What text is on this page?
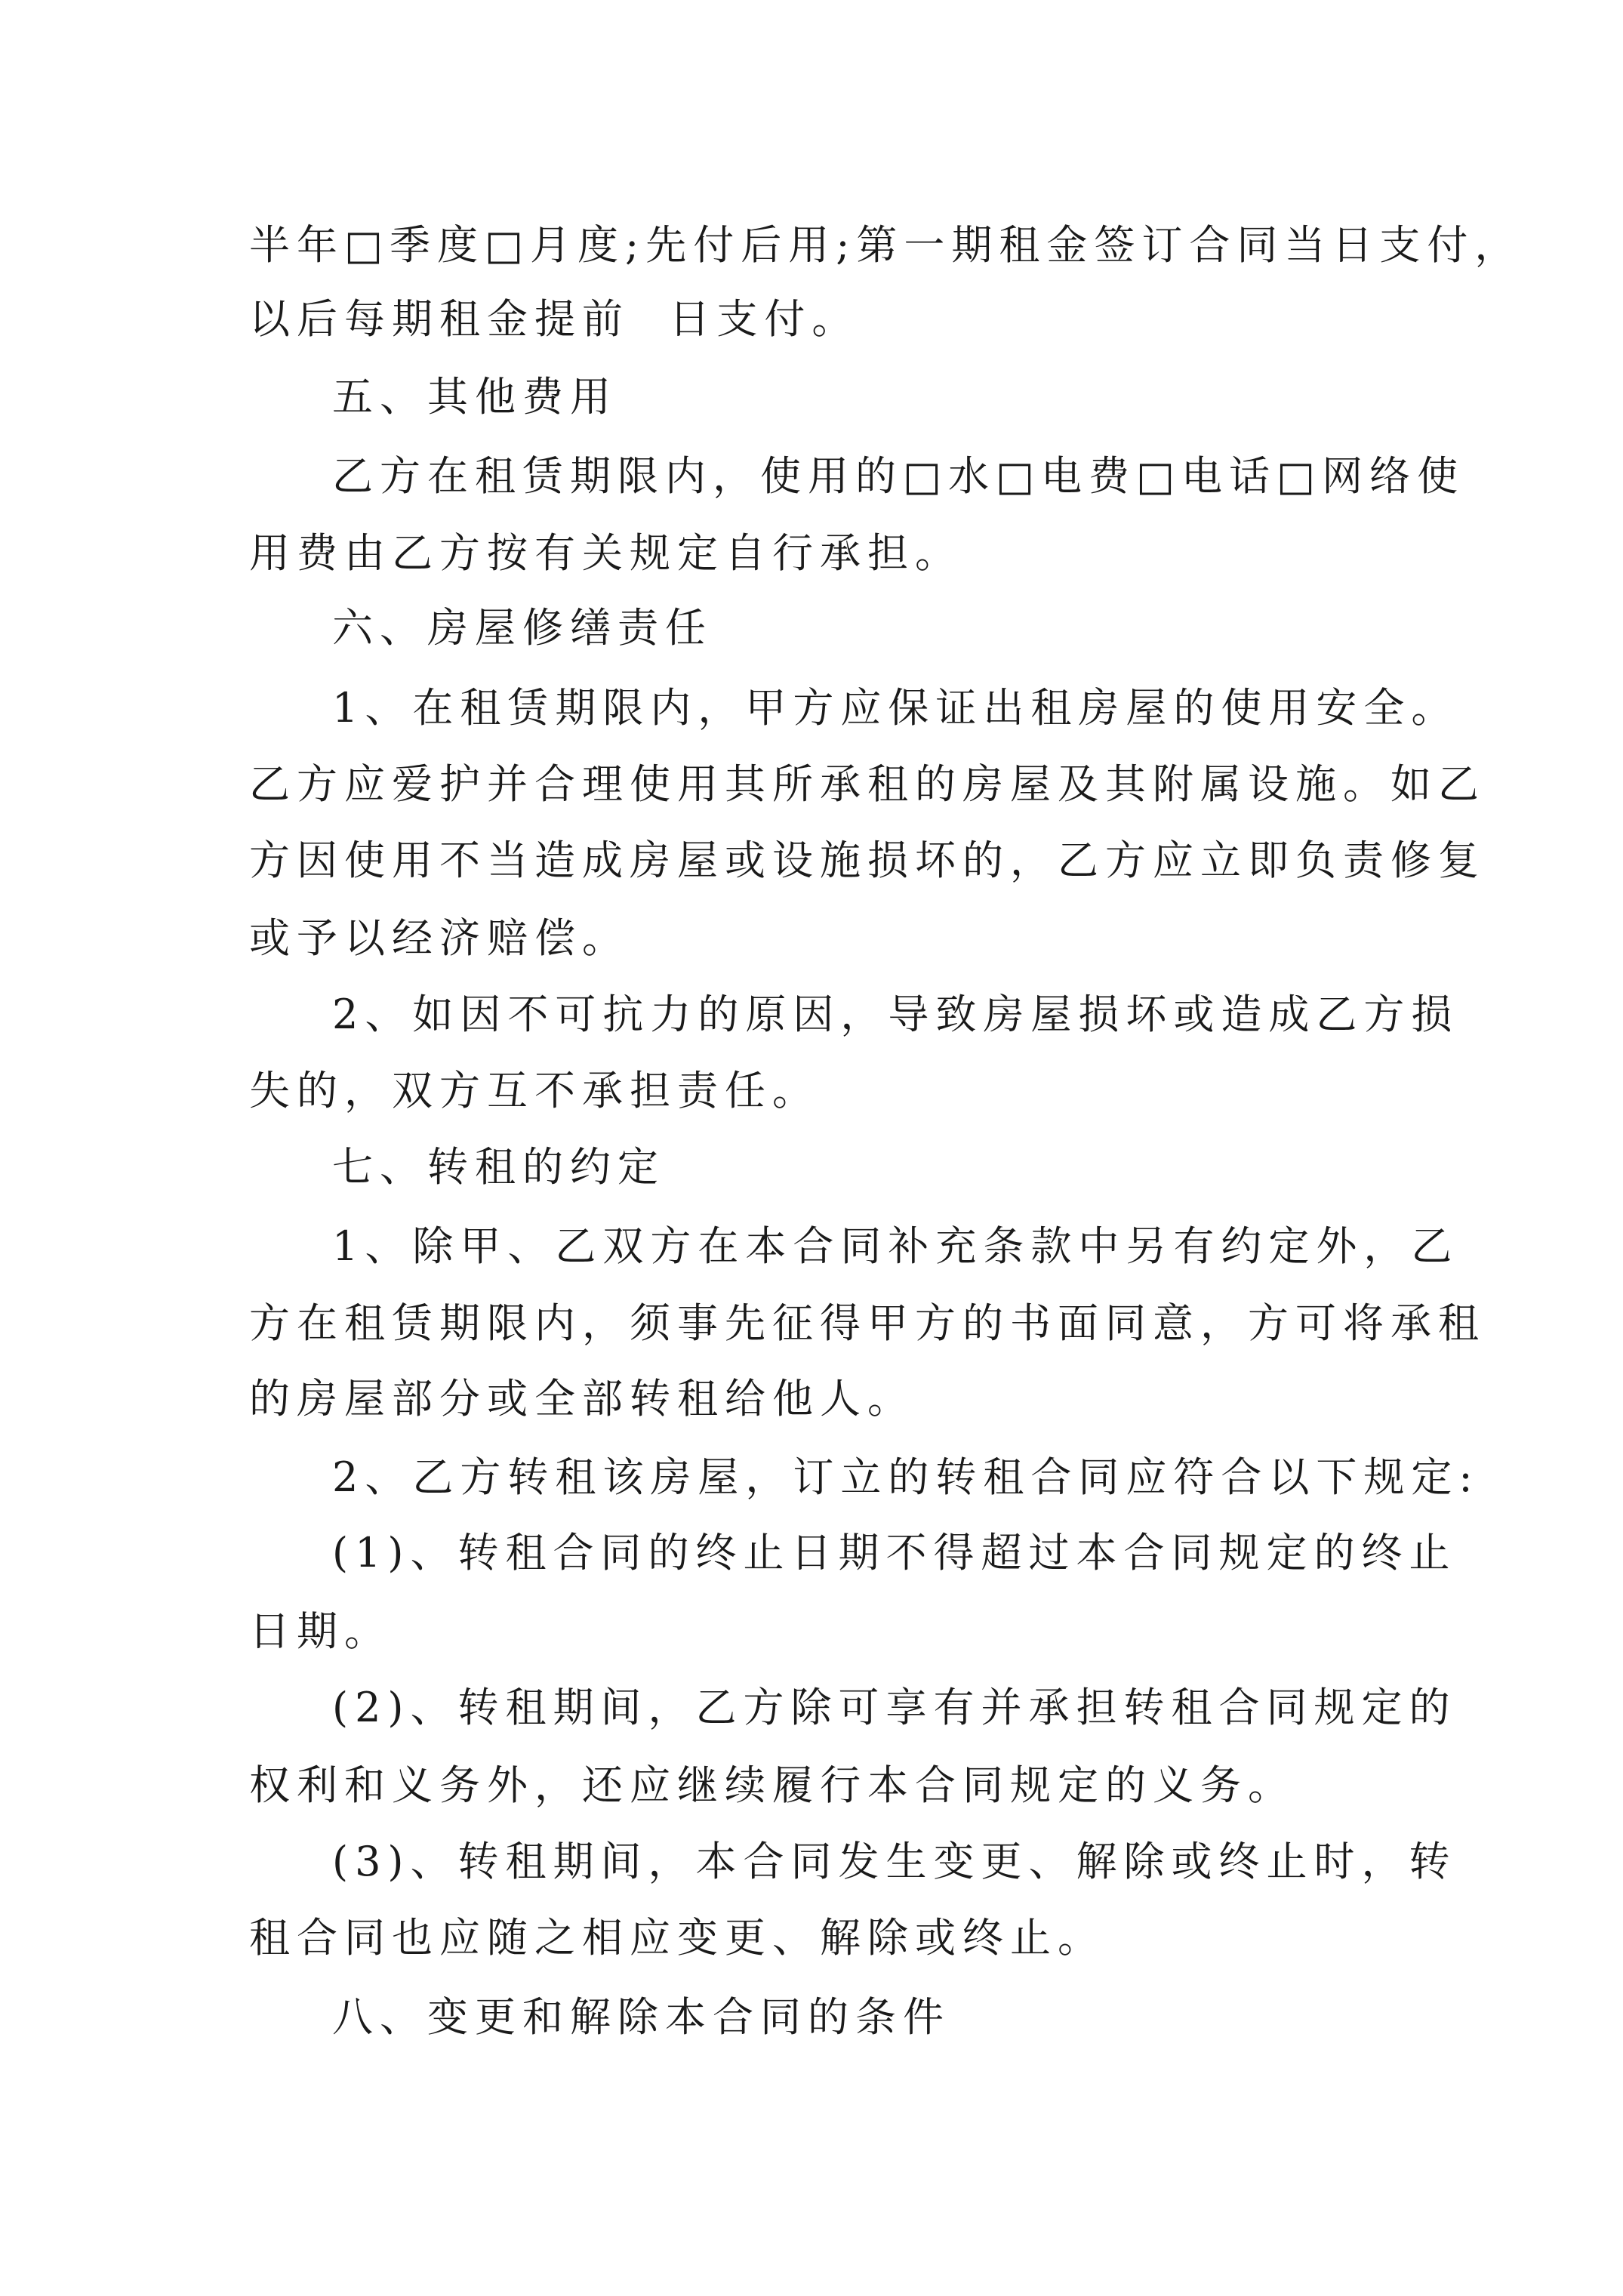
半年□季度□月度;先付后用;第一期租金签订合同当日支付，
以后每期租金提前  日支付。
五、其他费用
乙方在租赁期限内，使用的□水□电费□电话□网络使
用费由乙方按有关规定自行承担。
六、房屋修缮责任
1、在租赁期限内，甲方应保证出租房屋的使用安全。
乙方应爱护并合理使用其所承租的房屋及其附属设施。如乙
方因使用不当造成房屋或设施损坏的，乙方应立即负责修复
或予以经济赔偿。
2、如因不可抗力的原因，导致房屋损坏或造成乙方损
失的，双方互不承担责任。
七、转租的约定
1、除甲、乙双方在本合同补充条款中另有约定外，乙
方在租赁期限内，须事先征得甲方的书面同意，方可将承租
的房屋部分或全部转租给他人。
2、乙方转租该房屋，订立的转租合同应符合以下规定:
(1)、转租合同的终止日期不得超过本合同规定的终止
日期。
(2)、转租期间，乙方除可享有并承担转租合同规定的
权利和义务外，还应继续履行本合同规定的义务。
(3)、转租期间，本合同发生变更、解除或终止时，转
租合同也应随之相应变更、解除或终止。
八、变更和解除本合同的条件
